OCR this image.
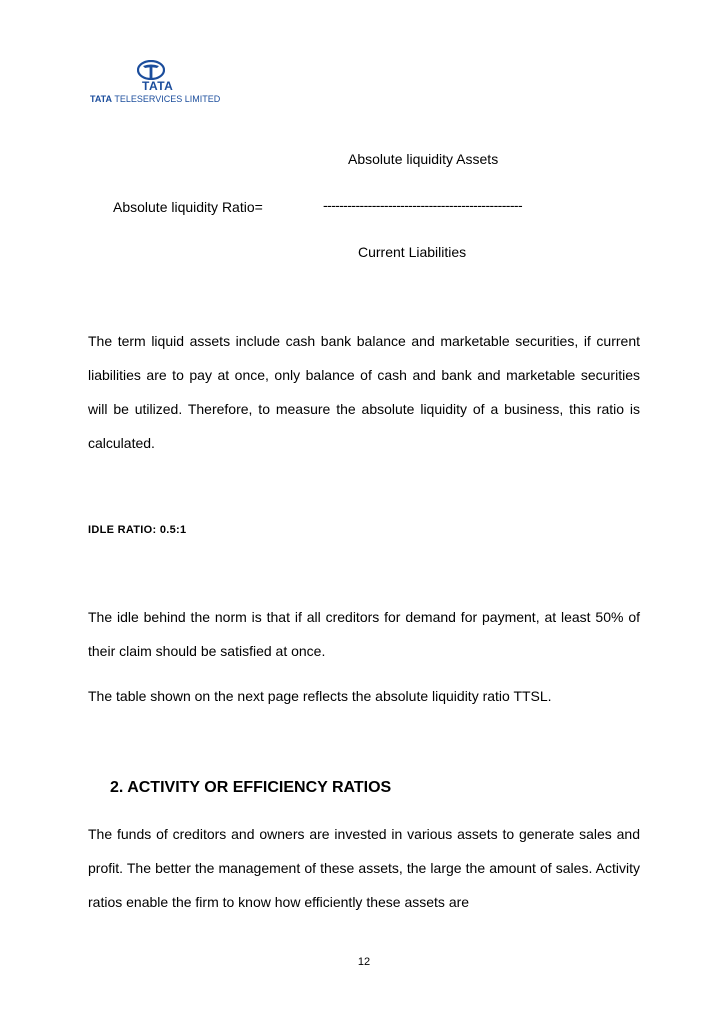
TATA
TATA TELESERVICES LIMITED
Absolute liquidity Assets
Absolute liquidity Ratio=	-------------------------------------------------
Current Liabilities
The term liquid assets include cash bank balance and marketable securities, if current liabilities are to pay at once, only balance of cash and bank and marketable securities will be utilized. Therefore, to measure the absolute liquidity of a business, this ratio is calculated.
IDLE RATIO: 0.5:1
The idle behind the norm is that if all creditors for demand for payment, at least 50% of their claim should be satisfied at once.
The table shown on the next page reflects the absolute liquidity ratio TTSL.
2. ACTIVITY OR EFFICIENCY RATIOS
The funds of creditors and owners are invested in various assets to generate sales and profit. The better the management of these assets, the large the amount of sales. Activity ratios enable the firm to know how efficiently these assets are
12
